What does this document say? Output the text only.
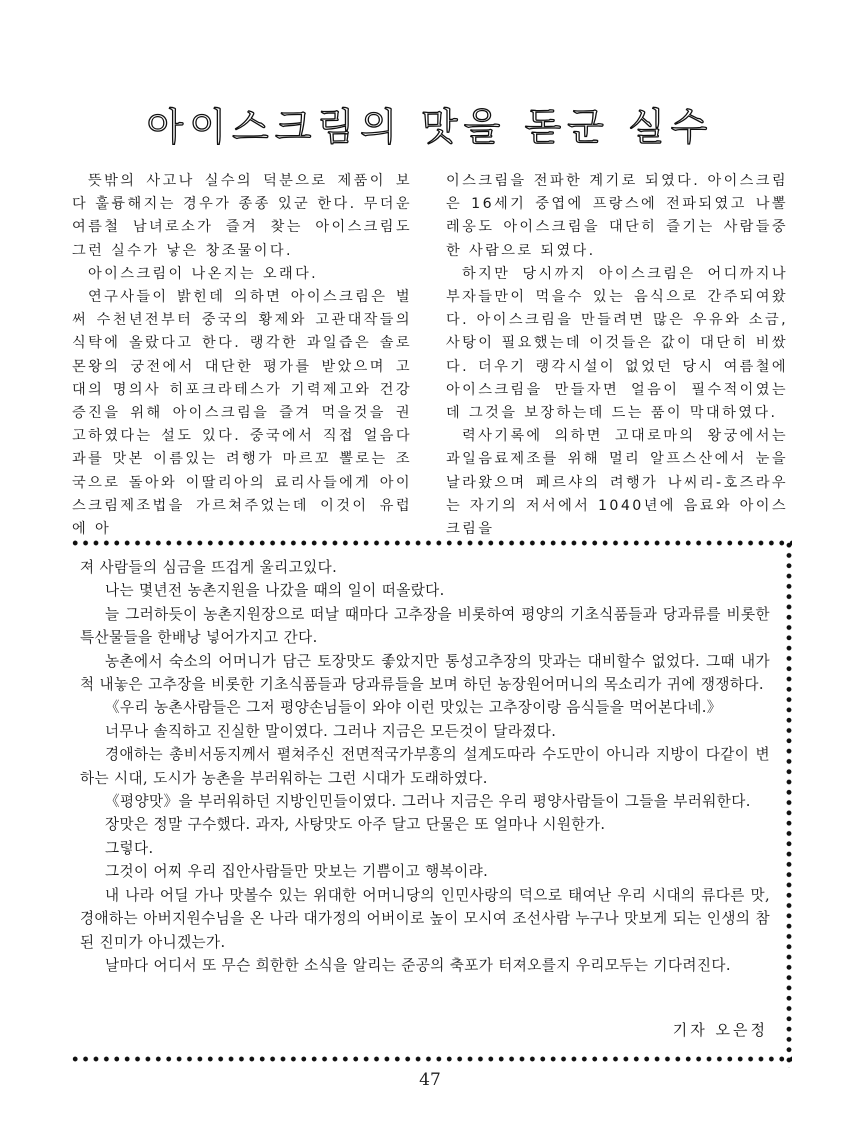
아이스크림의 맛을 돋군 실수

뜻밖의 사고나 실수의 덕분으로 제품이 보다 훌륭해지는 경우가 종종 있군 한다. 무더운 여름철 남녀로소가 즐겨 찾는 아이스크림도 그런 실수가 낳은 창조물이다.

아이스크림이 나온지는 오래다.

연구사들이 밝힌데 의하면 아이스크림은 벌써 수천년전부터 중국의 황제와 고관대작들의 식탁에 올랐다고 한다. 랭각한 과일즙은 솔로몬왕의 궁전에서 대단한 평가를 받았으며 고대의 명의사 히포크라테스가 기력제고와 건강증진을 위해 아이스크림을 즐겨 먹을것을 권고하였다는 설도 있다. 중국에서 직접 얼음다과를 맛본 이름있는 려행가 마르꼬 뽈로는 조국으로 돌아와 이딸리아의 료리사들에게 아이스크림제조법을 가르쳐주었는데 이것이 유럽에 아

이스크림을 전파한 계기로 되였다. 아이스크림은 16세기 중엽에 프랑스에 전파되였고 나뽈레옹도 아이스크림을 대단히 즐기는 사람들중 한 사람으로 되였다.

하지만 당시까지 아이스크림은 어디까지나 부자들만이 먹을수 있는 음식으로 간주되여왔다. 아이스크림을 만들려면 많은 우유와 소금, 사탕이 필요했는데 이것들은 값이 대단히 비쌌다. 더우기 랭각시설이 없었던 당시 여름철에 아이스크림을 만들자면 얼음이 필수적이였는데 그것을 보장하는데 드는 품이 막대하였다.

력사기록에 의하면 고대로마의 왕궁에서는 과일음료제조를 위해 멀리 알프스산에서 눈을 날라왔으며 페르샤의 려행가 나씨리-호즈라우는 자기의 저서에서 1040년에 음료와 아이스크림을

져 사람들의 심금을 뜨겁게 울리고있다.

나는 몇년전 농촌지원을 나갔을 때의 일이 떠올랐다.

늘 그러하듯이 농촌지원장으로 떠날 때마다 고추장을 비롯하여 평양의 기초식품들과 당과류를 비롯한 특산물들을 한배낭 넣어가지고 간다.

농촌에서 숙소의 어머니가 담근 토장맛도 좋았지만 통성고추장의 맛과는 대비할수 없었다. 그때 내가 척 내놓은 고추장을 비롯한 기초식품들과 당과류들을 보며 하던 농장원어머니의 목소리가 귀에 쟁쟁하다.

《우리 농촌사람들은 그저 평양손님들이 와야 이런 맛있는 고추장이랑 음식들을 먹어본다네.》

너무나 솔직하고 진실한 말이였다. 그러나 지금은 모든것이 달라졌다.

경애하는 총비서동지께서 펼쳐주신 전면적국가부흥의 설계도따라 수도만이 아니라 지방이 다같이 변하는 시대, 도시가 농촌을 부러워하는 그런 시대가 도래하였다.

《평양맛》을 부러워하던 지방인민들이였다. 그러나 지금은 우리 평양사람들이 그들을 부러워한다.

장맛은 정말 구수했다. 과자, 사탕맛도 아주 달고 단물은 또 얼마나 시원한가.

그렇다.

그것이 어찌 우리 집안사람들만 맛보는 기쁨이고 행복이랴.

내 나라 어딜 가나 맛볼수 있는 위대한 어머니당의 인민사랑의 덕으로 태여난 우리 시대의 류다른 맛, 경애하는 아버지원수님을 온 나라 대가정의 어버이로 높이 모시여 조선사람 누구나 맛보게 되는 인생의 참된 진미가 아니겠는가.

날마다 어디서 또 무슨 희한한 소식을 알리는 준공의 축포가 터져오를지 우리모두는 기다려진다.

기자 오은정
47
